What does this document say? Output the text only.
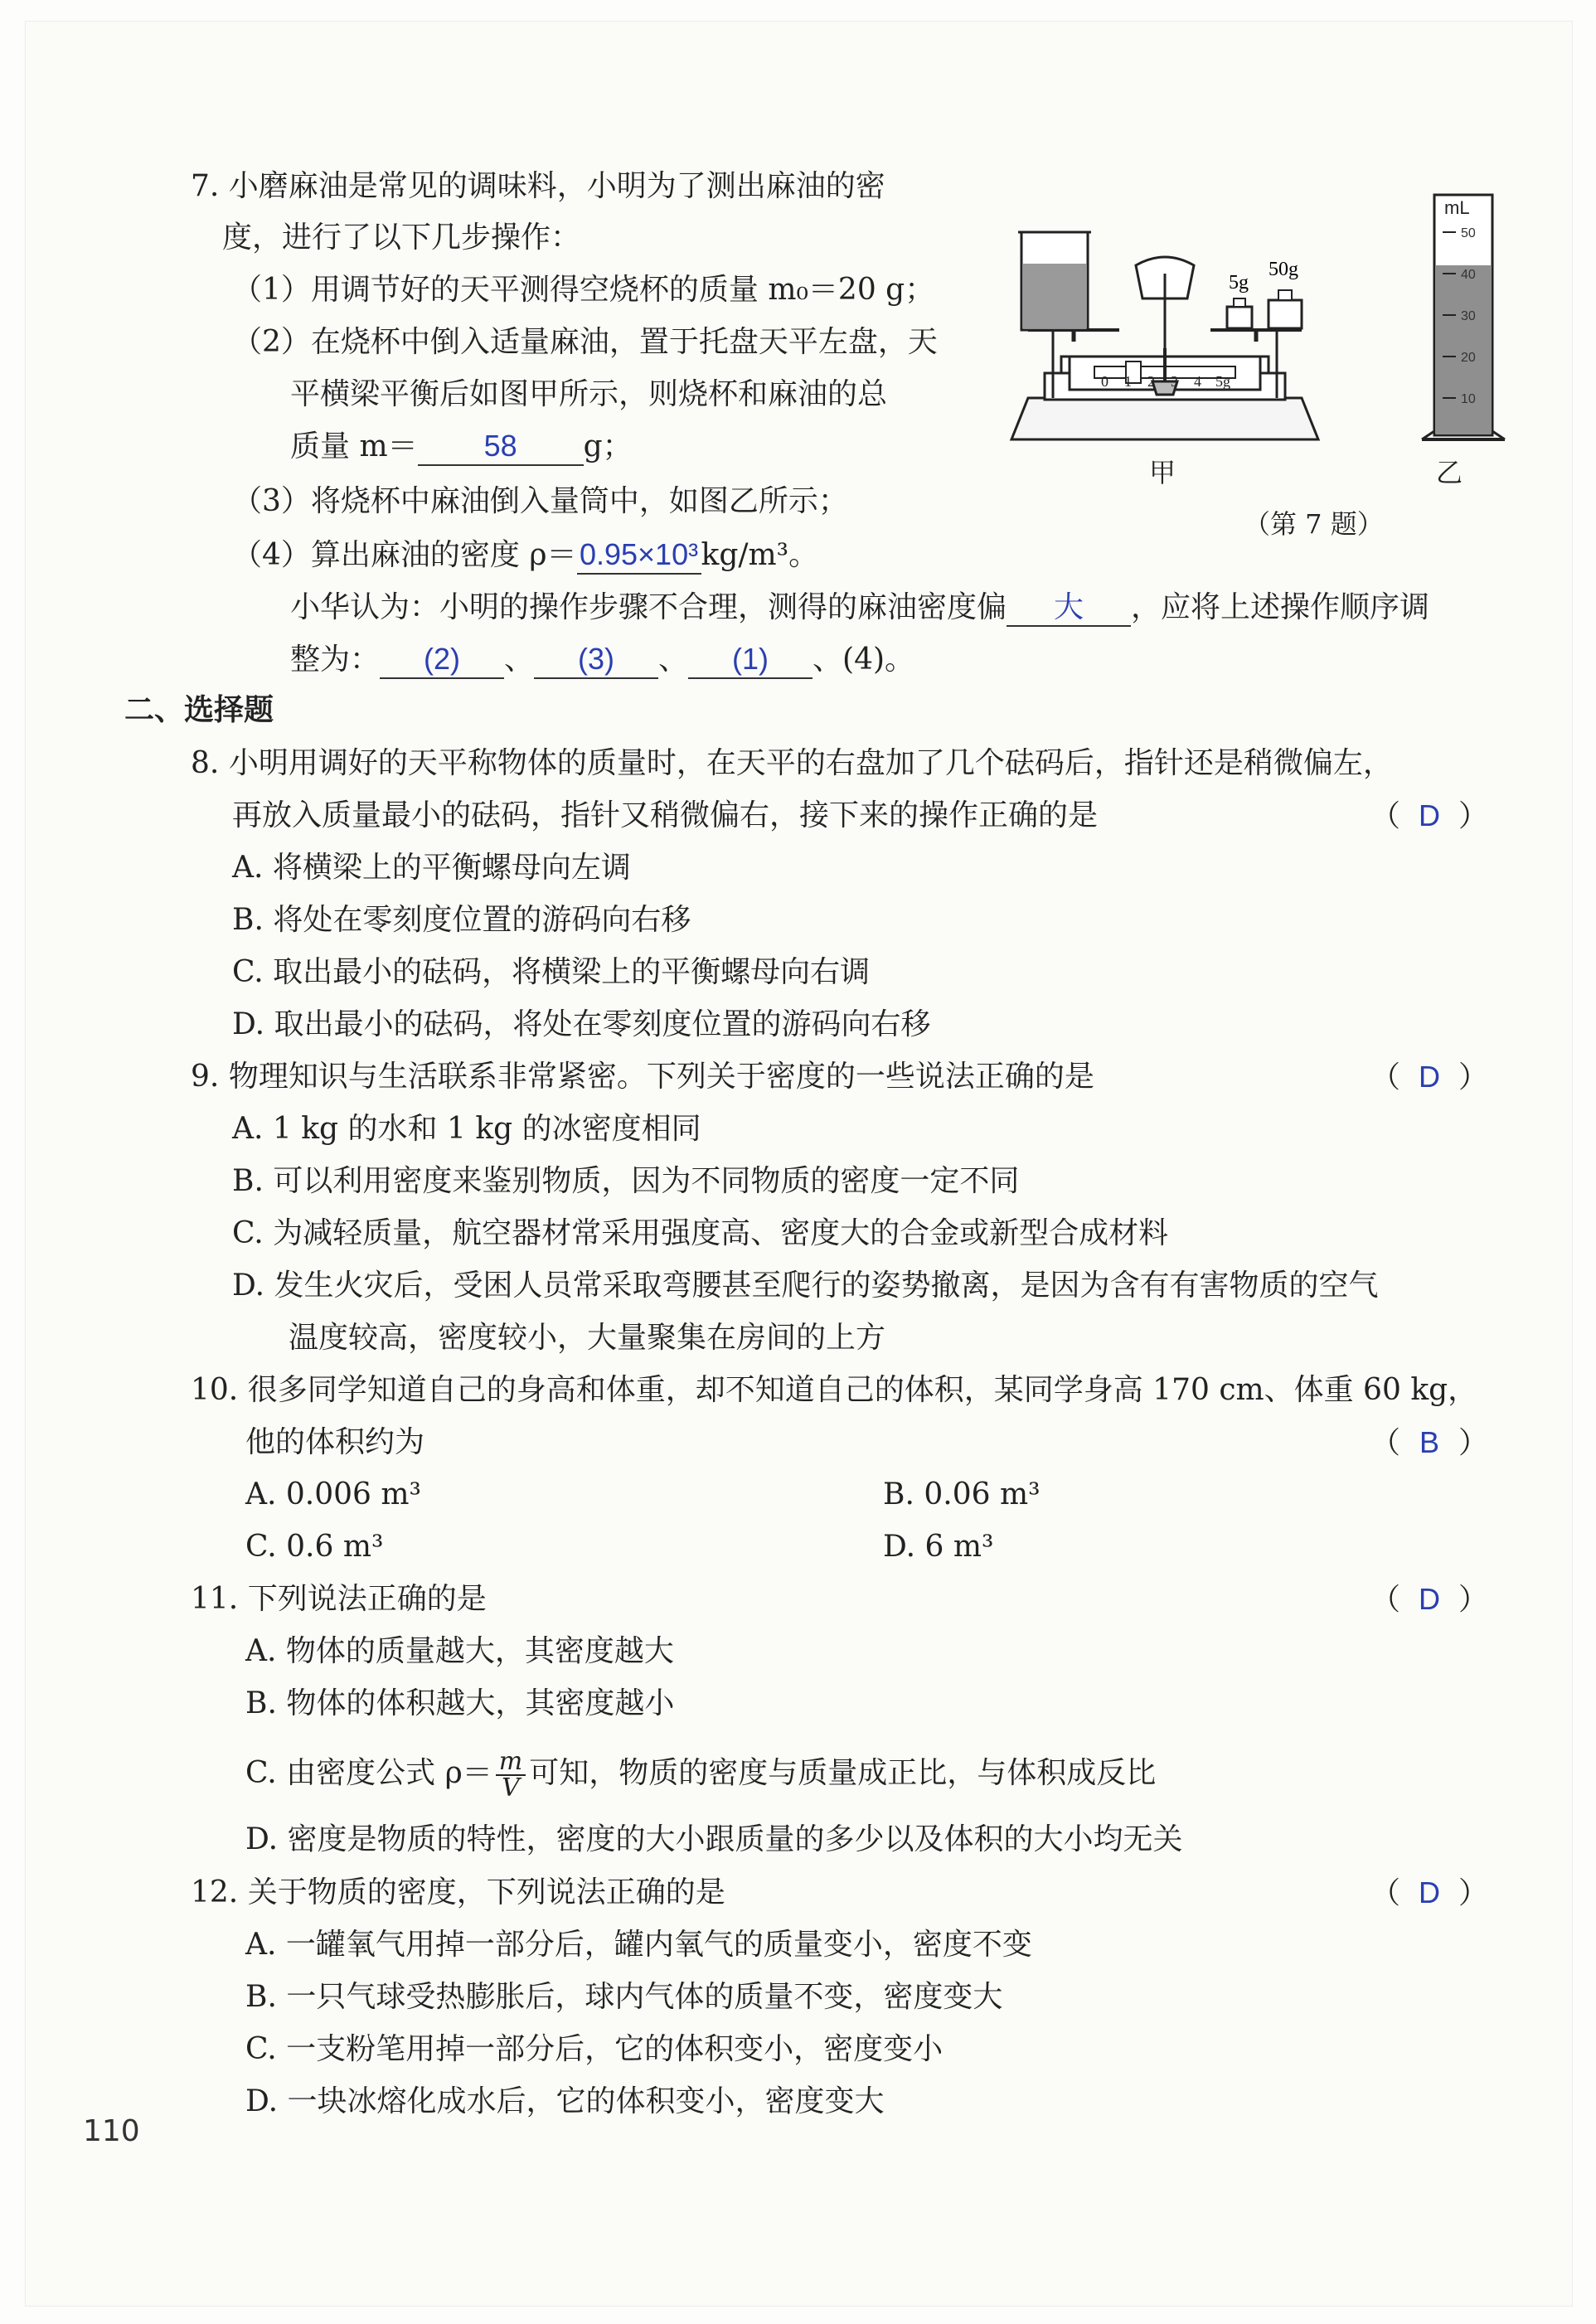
7. 小磨麻油是常见的调味料，小明为了测出麻油的密
度，进行了以下几步操作：
（1）用调节好的天平测得空烧杯的质量 m₀＝20 g；
（2）在烧杯中倒入适量麻油，置于托盘天平左盘，天
平横梁平衡后如图甲所示，则烧杯和麻油的总
质量 m＝ 58 g；
（3）将烧杯中麻油倒入量筒中，如图乙所示；
（4）算出麻油的密度 ρ＝0.95×10³kg/m³。
小华认为：小明的操作步骤不合理，测得的麻油密度偏 大 ，应将上述操作顺序调
整为： (2) 、 (3) 、 (1) 、(4)。
0 1 2 3 4 5g
5g
50g
mL
50
40
30
20
10
甲	乙
（第 7 题）
二、选择题
8. 小明用调好的天平称物体的质量时，在天平的右盘加了几个砝码后，指针还是稍微偏左，
再放入质量最小的砝码，指针又稍微偏右，接下来的操作正确的是	（ D ）
A. 将横梁上的平衡螺母向左调
B. 将处在零刻度位置的游码向右移
C. 取出最小的砝码，将横梁上的平衡螺母向右调
D. 取出最小的砝码，将处在零刻度位置的游码向右移
9. 物理知识与生活联系非常紧密。下列关于密度的一些说法正确的是	（ D ）
A. 1 kg 的水和 1 kg 的冰密度相同
B. 可以利用密度来鉴别物质，因为不同物质的密度一定不同
C. 为减轻质量，航空器材常采用强度高、密度大的合金或新型合成材料
D. 发生火灾后，受困人员常采取弯腰甚至爬行的姿势撤离，是因为含有有害物质的空气
温度较高，密度较小，大量聚集在房间的上方
10. 很多同学知道自己的身高和体重，却不知道自己的体积，某同学身高 170 cm、体重 60 kg，
他的体积约为	（ B ）
A. 0.006 m³	B. 0.06 m³
C. 0.6 m³	D. 6 m³
11. 下列说法正确的是	（ D ）
A. 物体的质量越大，其密度越大
B. 物体的体积越大，其密度越小
C. 由密度公式 $\rho= \frac{m}{V}$ 可知，物质的密度与质量成正比，与体积成反比
D. 密度是物质的特性，密度的大小跟质量的多少以及体积的大小均无关
12. 关于物质的密度，下列说法正确的是	（ D ）
A. 一罐氧气用掉一部分后，罐内氧气的质量变小，密度不变
B. 一只气球受热膨胀后，球内气体的质量不变，密度变大
C. 一支粉笔用掉一部分后，它的体积变小，密度变小
D. 一块冰熔化成水后，它的体积变小，密度变大
110
